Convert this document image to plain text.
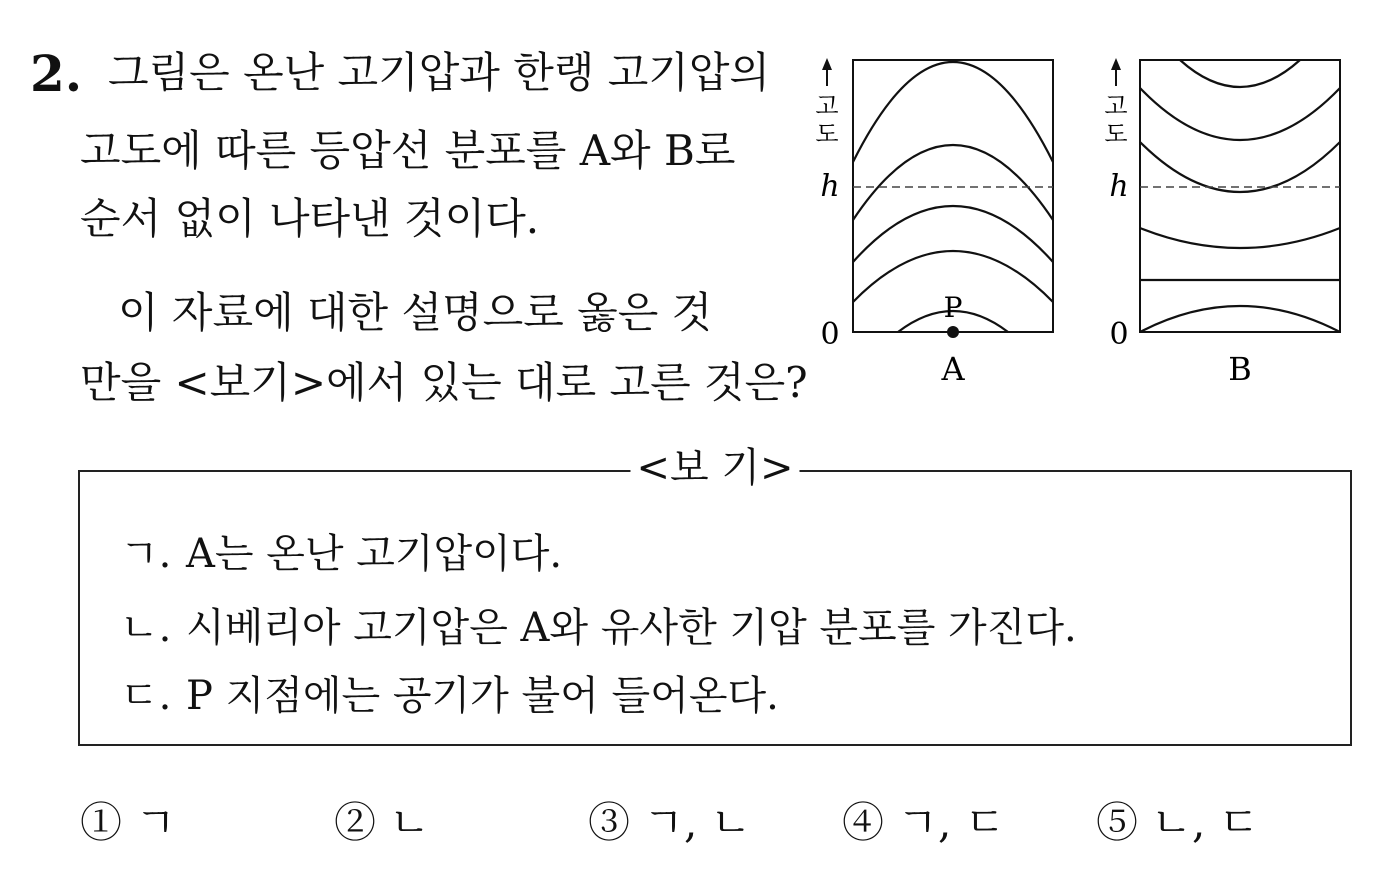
2. 그림은 온난 고기압과 한랭 고기압의
고도에 따른 등압선 분포를 A와 B로
순서 없이 나타낸 것이다.
이 자료에 대한 설명으로 옳은 것
만을 <보기>에서 있는 대로 고른 것은?
P
A
고 도
h
0
B
고 도
h
0
<보 기>
ㄱ. A는 온난 고기압이다.
ㄴ. 시베리아 고기압은 A와 유사한 기압 분포를 가진다.
ㄷ. P 지점에는 공기가 불어 들어온다.
① ㄱ	② ㄴ	③ ㄱ, ㄴ ④ ㄱ, ㄷ ⑤ ㄴ, ㄷ
